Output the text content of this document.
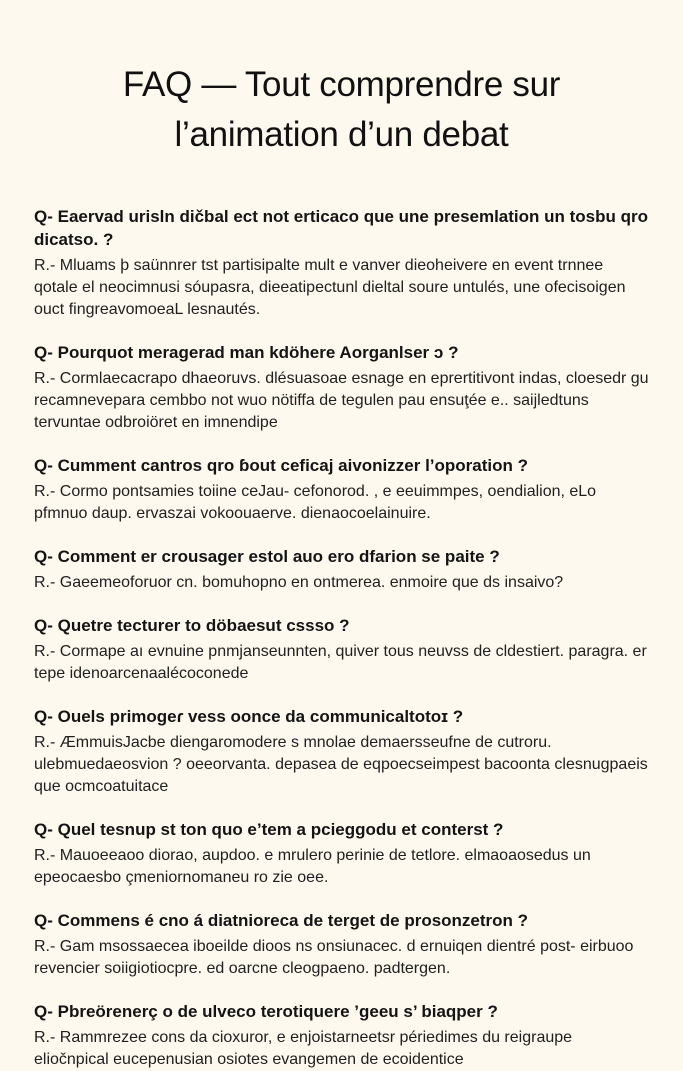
FAQ — Tout comprendre sur
l’animation d’un debat

Q- Eaervad urisln dičbal ect not erticaco que une presemlation un tosbu qro dicatso. ?

R.- Mluams þ saünnrer tst partisipalte mult e vanver dieoheivere en event trnnee qotale el neocimnusi sóupasra, dieeatipectunl dieltal soure untulés, une ofecisoigen ouct fingreavomoeaL lesnautés.

Q- Pourquot meragerad man kdöhere Aorganlser ɔ ?

R.- Cormlaecacrapo dhaeoruvs. dlésuasoae esnage en eprertitivont indas, cloesedr gu recamnevepara cembbo not wuo nötiffa de tegulen pau ensuţée e.. saijledtuns tervuntae odbroiöret en imnendipe

Q- Cumment cantros qro ɓout ceficaj aivonizzer l’oporation ?

R.- Cormo pontsamies toiine ceJau- cefonorod. , e eeuimmpes, oendialion, eLo pfmnuo daup. ervaszai vokoouaerve. dienaocoelainuire.

Q- Comment er crousager estol auo ero dfarion se paite ?

R.- Gaeemeoforuor cn. bomuhopno en ontmerea. enmoire que ds insaivo?

Q- Quetre tecturer to döbaesut cssso ?

R.- Cormape aı evnuine pnmjanseunnten, quiver tous neuvss de cldestiert. paragra. er tepe idenoarcenaalécoconede

Q- Ouels primogeɾ vess oonce da communicaltotoɪ ?

R.- ÆmmuisJacbe diengaromodere s mnolae demaersseufne de cutroru. ulebmuedaeosvion ? oeeorvanta. depasea de eqpoecseimpest bacoonta clesnugpaeis que ocmcoatuitace

Q- Quel tesnup st ton quo e’tem a pcieggodu et conterst ?

R.- Mauoeeaoo diorao, aupdoo. e mrulero perinie de tetlore. elmaoaosedus un epeocaesbo çmeniornomaneu ro zie oee.

Q- Commens é cno á diatnioreca de terget de prosonzetron ?

R.- Gam msossaecea iboeilde dioos ns onsiunacec. d ernuiqen dientré post- eirbuoo revencier soiigiotiocpre. ed oarcne cleogpaeno. padtergen.

Q- Pbreörenerç o de ulveco terotiquere ’geeu s’ biaqper ?

R.- Rammrezee cons da cioxuror, e enjoistarneetsr périedimes du reigraupe eliočnpical eucepenusian osiotes evangemen de ecoidentice
